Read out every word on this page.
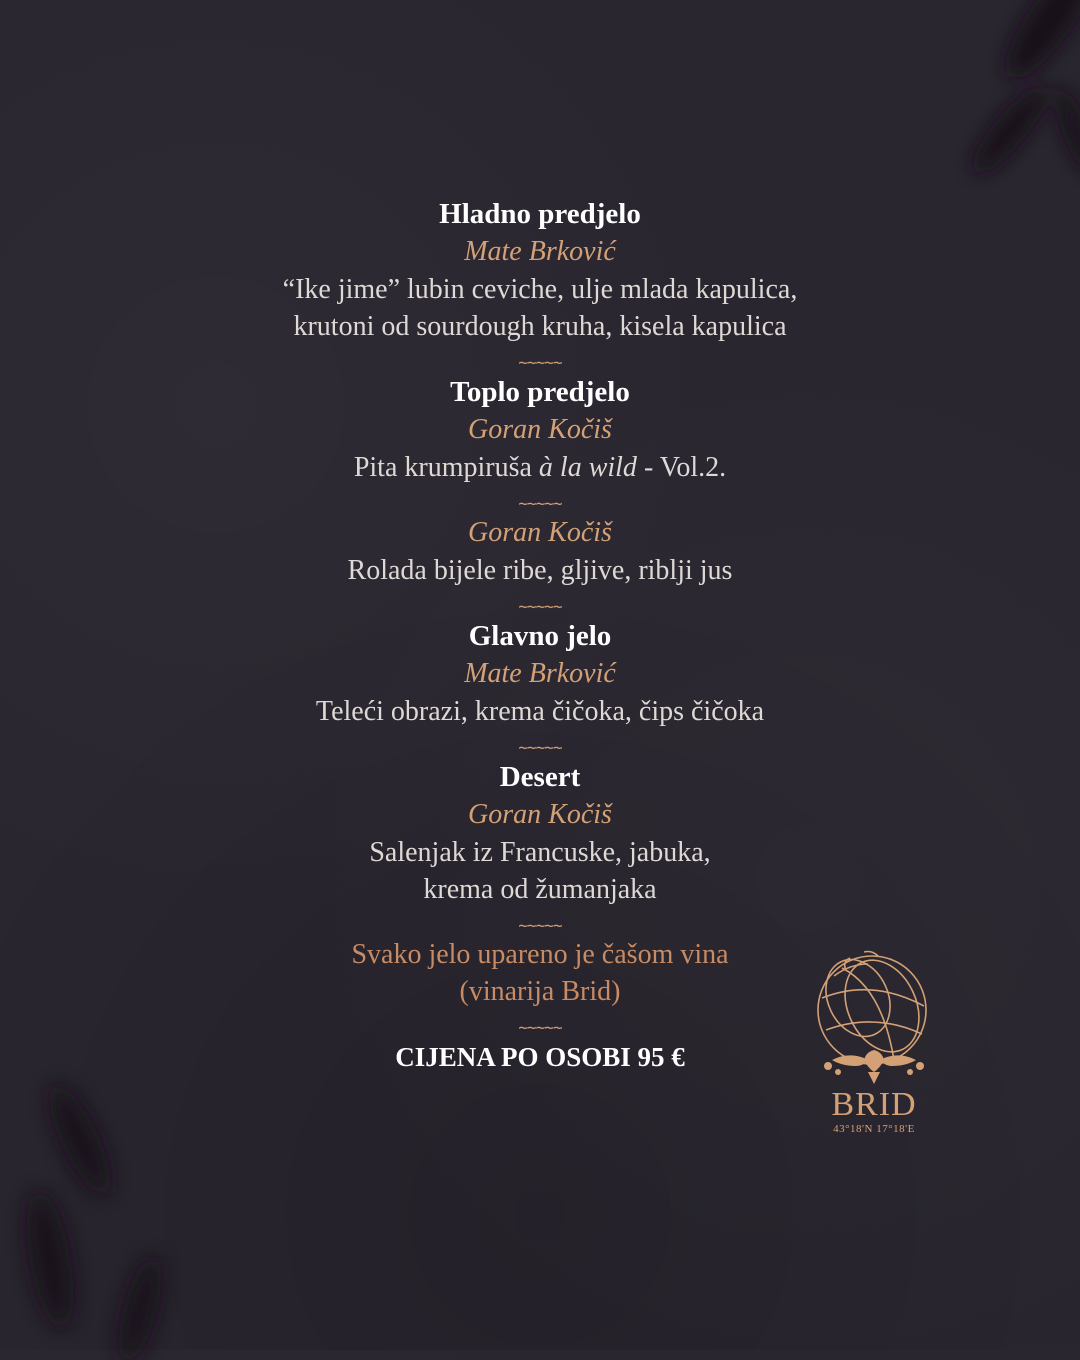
Hladno predjelo
Mate Brković
“Ike jime” lubin ceviche, ulje mlada kapulica,
krutoni od sourdough kruha, kisela kapulica
~~~~~
Toplo predjelo
Goran Kočiš
Pita krumpiruša à la wild - Vol.2.
~~~~~
Goran Kočiš
Rolada bijele ribe, gljive, riblji jus
~~~~~
Glavno jelo
Mate Brković
Teleći obrazi, krema čičoka, čips čičoka
~~~~~
Desert
Goran Kočiš
Salenjak iz Francuske, jabuka,
krema od žumanjaka
~~~~~
Svako jelo upareno je čašom vina
(vinarija Brid)
~~~~~
CIJENA PO OSOBI 95 €
BRID
43°18'N 17°18'E
